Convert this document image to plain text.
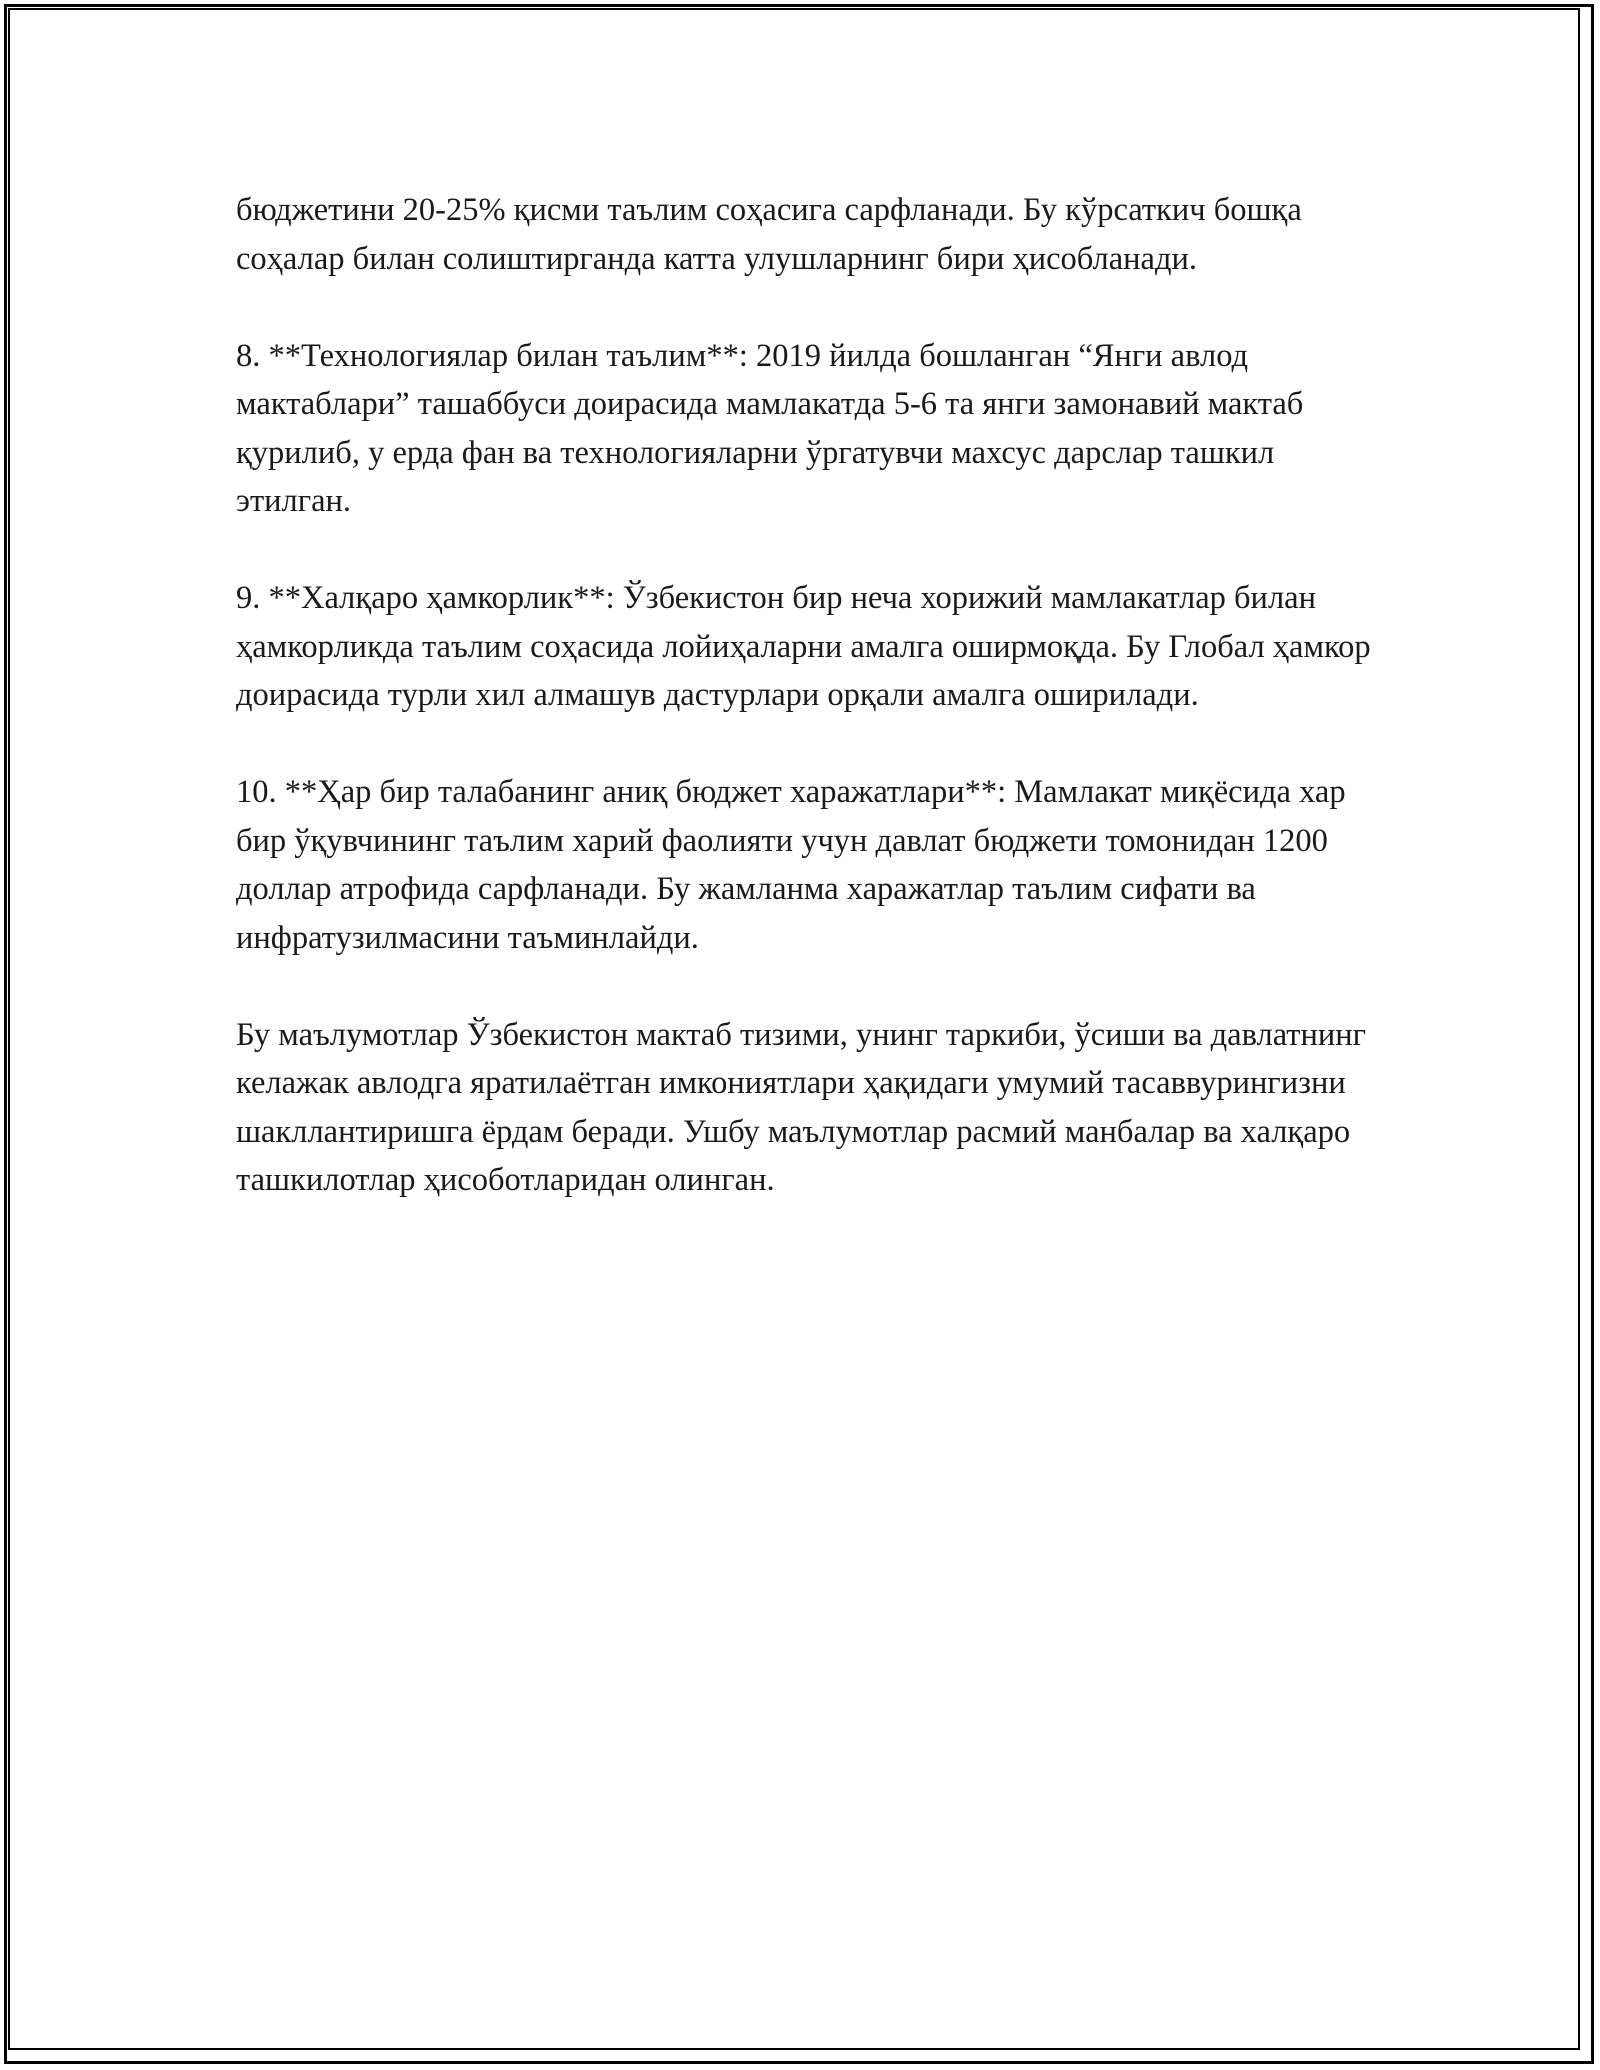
бюджетини 20-25% қисми таълим соҳасига сарфланади. Бу кўрсаткич бошқа соҳалар билан солиштирганда катта улушларнинг бири ҳисобланади.

8. **Технологиялар билан таълим**: 2019 йилда бошланган “Янги авлод мактаблари” ташаббуси доирасида мамлакатда 5-6 та янги замонавий мактаб қурилиб, у ерда фан ва технологияларни ўргатувчи махсус дарслар ташкил этилган.

9. **Халқаро ҳамкорлик**: Ўзбекистон бир неча хорижий мамлакатлар билан ҳамкорликда таълим соҳасида лойиҳаларни амалга оширмоқда. Бу Глобал ҳамкор доирасида турли хил алмашув дастурлари орқали амалга оширилади.

10. **Ҳар бир талабанинг аниқ бюджет харажатлари**: Мамлакат миқёсида хар бир ўқувчининг таълим харий фаолияти учун давлат бюджети томонидан 1200 доллар атрофида сарфланади. Бу жамланма харажатлар таълим сифати ва инфратузилмасини таъминлайди.

Бу маълумотлар Ўзбекистон мактаб тизими, унинг таркиби, ўсиши ва давлатнинг келажак авлодга яратилаётган имкониятлари ҳақидаги умумий тасаввурингизни шакллантиришга ёрдам беради. Ушбу маълумотлар расмий манбалар ва халқаро ташкилотлар ҳисоботларидан олинган.
